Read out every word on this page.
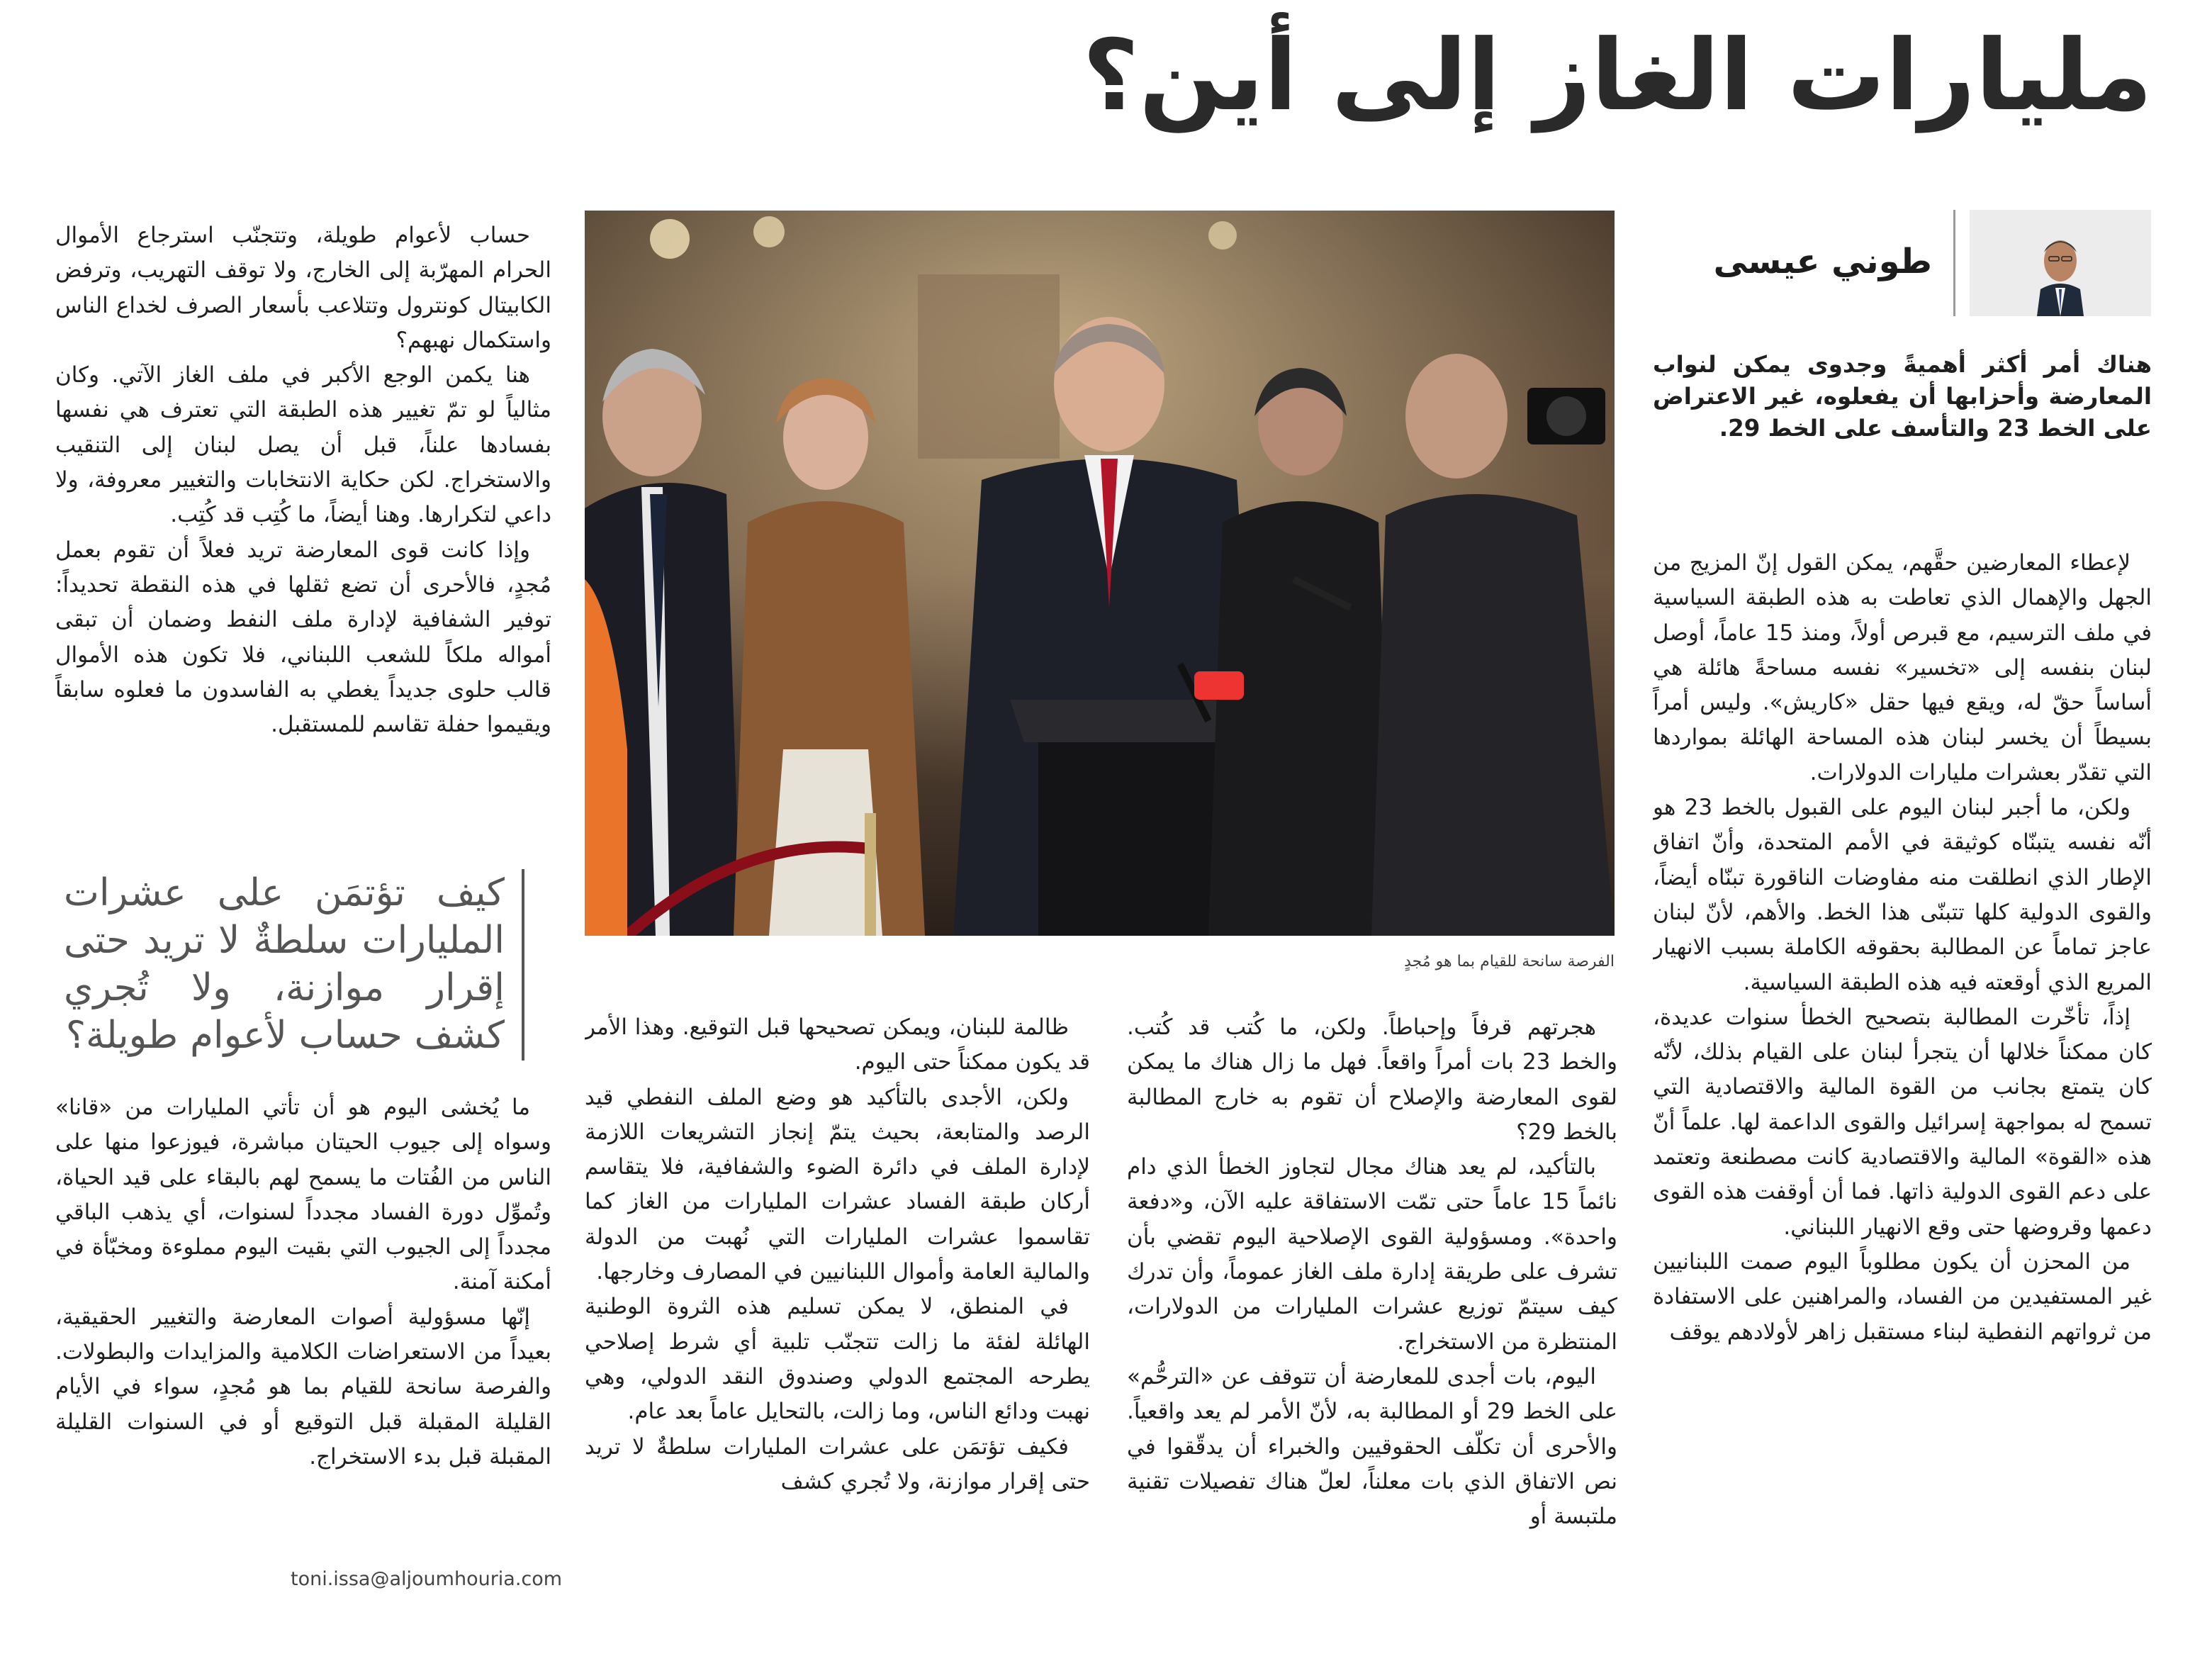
مليارات الغاز إلى أين؟
طوني عيسى
هناك أمر أكثر أهميةً وجدوى يمكن لنواب المعارضة وأحزابها أن يفعلوه، غير الاعتراض على الخط 23 والتأسف على الخط 29.

لإعطاء المعارضين حقَّهم، يمكن القول إنّ المزيج من الجهل والإهمال الذي تعاطت به هذه الطبقة السياسية في ملف الترسيم، مع قبرص أولاً، ومنذ 15 عاماً، أوصل لبنان بنفسه إلى «تخسير» نفسه مساحةً هائلة هي أساساً حقّ له، ويقع فيها حقل «كاريش». وليس أمراً بسيطاً أن يخسر لبنان هذه المساحة الهائلة بمواردها التي تقدّر بعشرات مليارات الدولارات.

ولكن، ما أجبر لبنان اليوم على القبول بالخط 23 هو أنّه نفسه يتبنّاه كوثيقة في الأمم المتحدة، وأنّ اتفاق الإطار الذي انطلقت منه مفاوضات الناقورة تبنّاه أيضاً، والقوى الدولية كلها تتبنّى هذا الخط. والأهم، لأنّ لبنان عاجز تماماً عن المطالبة بحقوقه الكاملة بسبب الانهيار المريع الذي أوقعته فيه هذه الطبقة السياسية.

إذاً، تأخّرت المطالبة بتصحيح الخطأ سنوات عديدة، كان ممكناً خلالها أن يتجرأ لبنان على القيام بذلك، لأنّه كان يتمتع بجانب من القوة المالية والاقتصادية التي تسمح له بمواجهة إسرائيل والقوى الداعمة لها. علماً أنّ هذه «القوة» المالية والاقتصادية كانت مصطنعة وتعتمد على دعم القوى الدولية ذاتها. فما أن أوقفت هذه القوى دعمها وقروضها حتى وقع الانهيار اللبناني.

من المحزن أن يكون مطلوباً اليوم صمت اللبنانيين غير المستفيدين من الفساد، والمراهنين على الاستفادة من ثرواتهم النفطية لبناء مستقبل زاهر لأولادهم يوقف

الفرصة سانحة للقيام بما هو مُجدٍ

هجرتهم قرفاً وإحباطاً. ولكن، ما كُتب قد كُتب. والخط 23 بات أمراً واقعاً. فهل ما زال هناك ما يمكن لقوى المعارضة والإصلاح أن تقوم به خارج المطالبة بالخط 29؟

بالتأكيد، لم يعد هناك مجال لتجاوز الخطأ الذي دام نائماً 15 عاماً حتى تمّت الاستفاقة عليه الآن، و«دفعة واحدة». ومسؤولية القوى الإصلاحية اليوم تقضي بأن تشرف على طريقة إدارة ملف الغاز عموماً، وأن تدرك كيف سيتمّ توزيع عشرات المليارات من الدولارات، المنتظرة من الاستخراج.

اليوم، بات أجدى للمعارضة أن تتوقف عن «الترحُّم» على الخط 29 أو المطالبة به، لأنّ الأمر لم يعد واقعياً. والأحرى أن تكلّف الحقوقيين والخبراء أن يدقّقوا في نص الاتفاق الذي بات معلناً، لعلّ هناك تفصيلات تقنية ملتبسة أو

ظالمة للبنان، ويمكن تصحيحها قبل التوقيع. وهذا الأمر قد يكون ممكناً حتى اليوم.

ولكن، الأجدى بالتأكيد هو وضع الملف النفطي قيد الرصد والمتابعة، بحيث يتمّ إنجاز التشريعات اللازمة لإدارة الملف في دائرة الضوء والشفافية، فلا يتقاسم أركان طبقة الفساد عشرات المليارات من الغاز كما تقاسموا عشرات المليارات التي نُهبت من الدولة والمالية العامة وأموال اللبنانيين في المصارف وخارجها.

في المنطق، لا يمكن تسليم هذه الثروة الوطنية الهائلة لفئة ما زالت تتجنّب تلبية أي شرط إصلاحي يطرحه المجتمع الدولي وصندوق النقد الدولي، وهي نهبت ودائع الناس، وما زالت، بالتحايل عاماً بعد عام.

فكيف تؤتمَن على عشرات المليارات سلطةٌ لا تريد حتى إقرار موازنة، ولا تُجري كشف

حساب لأعوام طويلة، وتتجنّب استرجاع الأموال الحرام المهرّبة إلى الخارج، ولا توقف التهريب، وترفض الكابيتال كونترول وتتلاعب بأسعار الصرف لخداع الناس واستكمال نهبهم؟

هنا يكمن الوجع الأكبر في ملف الغاز الآتي. وكان مثالياً لو تمّ تغيير هذه الطبقة التي تعترف هي نفسها بفسادها علناً، قبل أن يصل لبنان إلى التنقيب والاستخراج. لكن حكاية الانتخابات والتغيير معروفة، ولا داعي لتكرارها. وهنا أيضاً، ما كُتِب قد كُتِب.

وإذا كانت قوى المعارضة تريد فعلاً أن تقوم بعمل مُجدٍ، فالأحرى أن تضع ثقلها في هذه النقطة تحديداً: توفير الشفافية لإدارة ملف النفط وضمان أن تبقى أمواله ملكاً للشعب اللبناني، فلا تكون هذه الأموال قالب حلوى جديداً يغطي به الفاسدون ما فعلوه سابقاً ويقيموا حفلة تقاسم للمستقبل.

كيف تؤتمَن على عشرات المليارات سلطةٌ لا تريد حتى إقرار موازنة، ولا تُجري كشف حساب لأعوام طويلة؟

ما يُخشى اليوم هو أن تأتي المليارات من «قانا» وسواه إلى جيوب الحيتان مباشرة، فيوزعوا منها على الناس من الفُتات ما يسمح لهم بالبقاء على قيد الحياة، وتُموِّل دورة الفساد مجدداً لسنوات، أي يذهب الباقي مجدداً إلى الجيوب التي بقيت اليوم مملوءة ومخبّأة في أمكنة آمنة.

إنّها مسؤولية أصوات المعارضة والتغيير الحقيقية، بعيداً من الاستعراضات الكلامية والمزايدات والبطولات. والفرصة سانحة للقيام بما هو مُجدٍ، سواء في الأيام القليلة المقبلة قبل التوقيع أو في السنوات القليلة المقبلة قبل بدء الاستخراج.

toni.issa@aljoumhouria.com
